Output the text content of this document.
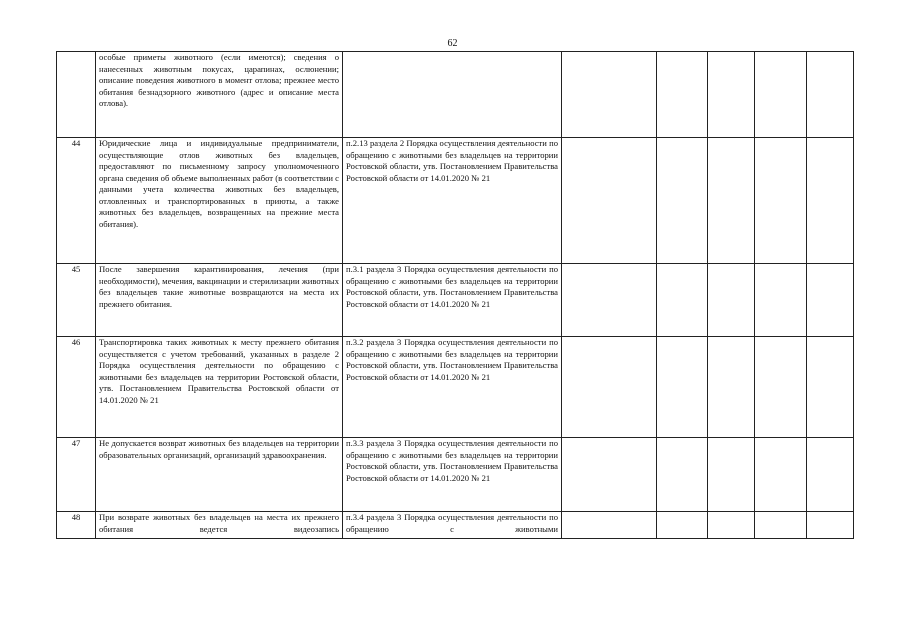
62
	особые приметы животного (если имеются); сведения о нанесенных животным покусах, царапинах, ослюнении; описание поведения животного в момент отлова; прежнее место обитания безнадзорного животного (адрес и описание места отлова).						
44	Юридические лица и индивидуальные предприниматели, осуществляющие отлов животных без владельцев, предоставляют по письменному запросу уполномоченного органа сведения об объеме выполненных работ (в соответствии с данными учета количества животных без владельцев, отловленных и транспортированных в приюты, а также животных без владельцев, возвращенных на прежние места обитания).	п.2.13 раздела 2 Порядка осуществления деятельности по обращению с животными без владельцев на территории Ростовской области, утв. Постановлением Правительства Ростовской области от 14.01.2020 № 21					
45	После завершения карантинирования, лечения (при необходимости), мечения, вакцинации и стерилизации животных без владельцев такие животные возвращаются на места их прежнего обитания.	п.3.1 раздела 3 Порядка осуществления деятельности по обращению с животными без владельцев на территории Ростовской области, утв. Постановлением Правительства Ростовской области от 14.01.2020 № 21					
46	Транспортировка таких животных к месту прежнего обитания осуществляется с учетом требований, указанных в разделе 2 Порядка осуществления деятельности по обращению с животными без владельцев на территории Ростовской области, утв. Постановлением Правительства Ростовской области от 14.01.2020 № 21	п.3.2 раздела 3 Порядка осуществления деятельности по обращению с животными без владельцев на территории Ростовской области, утв. Постановлением Правительства Ростовской области от 14.01.2020 № 21					
47	Не допускается возврат животных без владельцев на территории образовательных организаций, организаций здравоохранения.	п.3.3 раздела 3 Порядка осуществления деятельности по обращению с животными без владельцев на территории Ростовской области, утв. Постановлением Правительства Ростовской области от 14.01.2020 № 21					
48	При возврате животных без владельцев на места их прежнего обитания ведется видеозапись	п.3.4 раздела 3 Порядка осуществления деятельности по обращению с животными					
